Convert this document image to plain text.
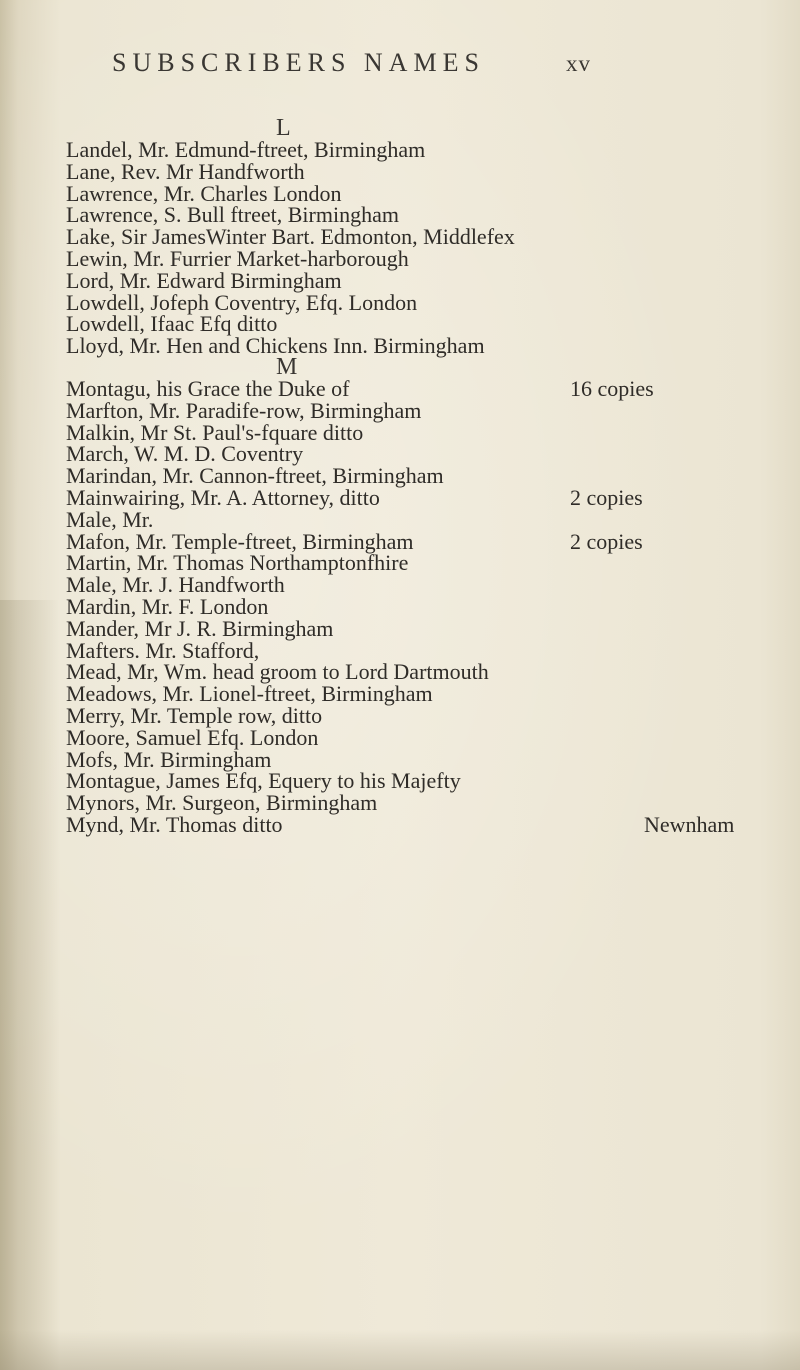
SUBSCRIBERS NAMES	xv
L
Landel, Mr. Edmund-ftreet, Birmingham
Lane, Rev. Mr Handfworth
Lawrence, Mr. Charles London
Lawrence, S. Bull ftreet, Birmingham
Lake, Sir JamesWinter Bart. Edmonton, Middlefex
Lewin, Mr. Furrier Market-harborough
Lord, Mr. Edward Birmingham
Lowdell, Jofeph Coventry, Efq. London
Lowdell, Ifaac Efq ditto
Lloyd, Mr. Hen and Chickens Inn. Birmingham
M
Montagu, his Grace the Duke of	16 copies
Marfton, Mr. Paradife-row, Birmingham
Malkin, Mr St. Paul's-fquare ditto
March, W. M. D. Coventry
Marindan, Mr. Cannon-ftreet, Birmingham
Mainwairing, Mr. A. Attorney, ditto	2 copies
Male, Mr.
Mafon, Mr. Temple-ftreet, Birmingham	2 copies
Martin, Mr. Thomas Northamptonfhire
Male, Mr. J. Handfworth
Mardin, Mr. F. London
Mander, Mr J. R. Birmingham
Mafters. Mr. Stafford,
Mead, Mr, Wm. head groom to Lord Dartmouth
Meadows, Mr. Lionel-ftreet, Birmingham
Merry, Mr. Temple row, ditto
Moore, Samuel Efq. London
Mofs, Mr. Birmingham
Montague, James Efq, Equery to his Majefty
Mynors, Mr. Surgeon, Birmingham
Mynd, Mr. Thomas ditto	Newnham
